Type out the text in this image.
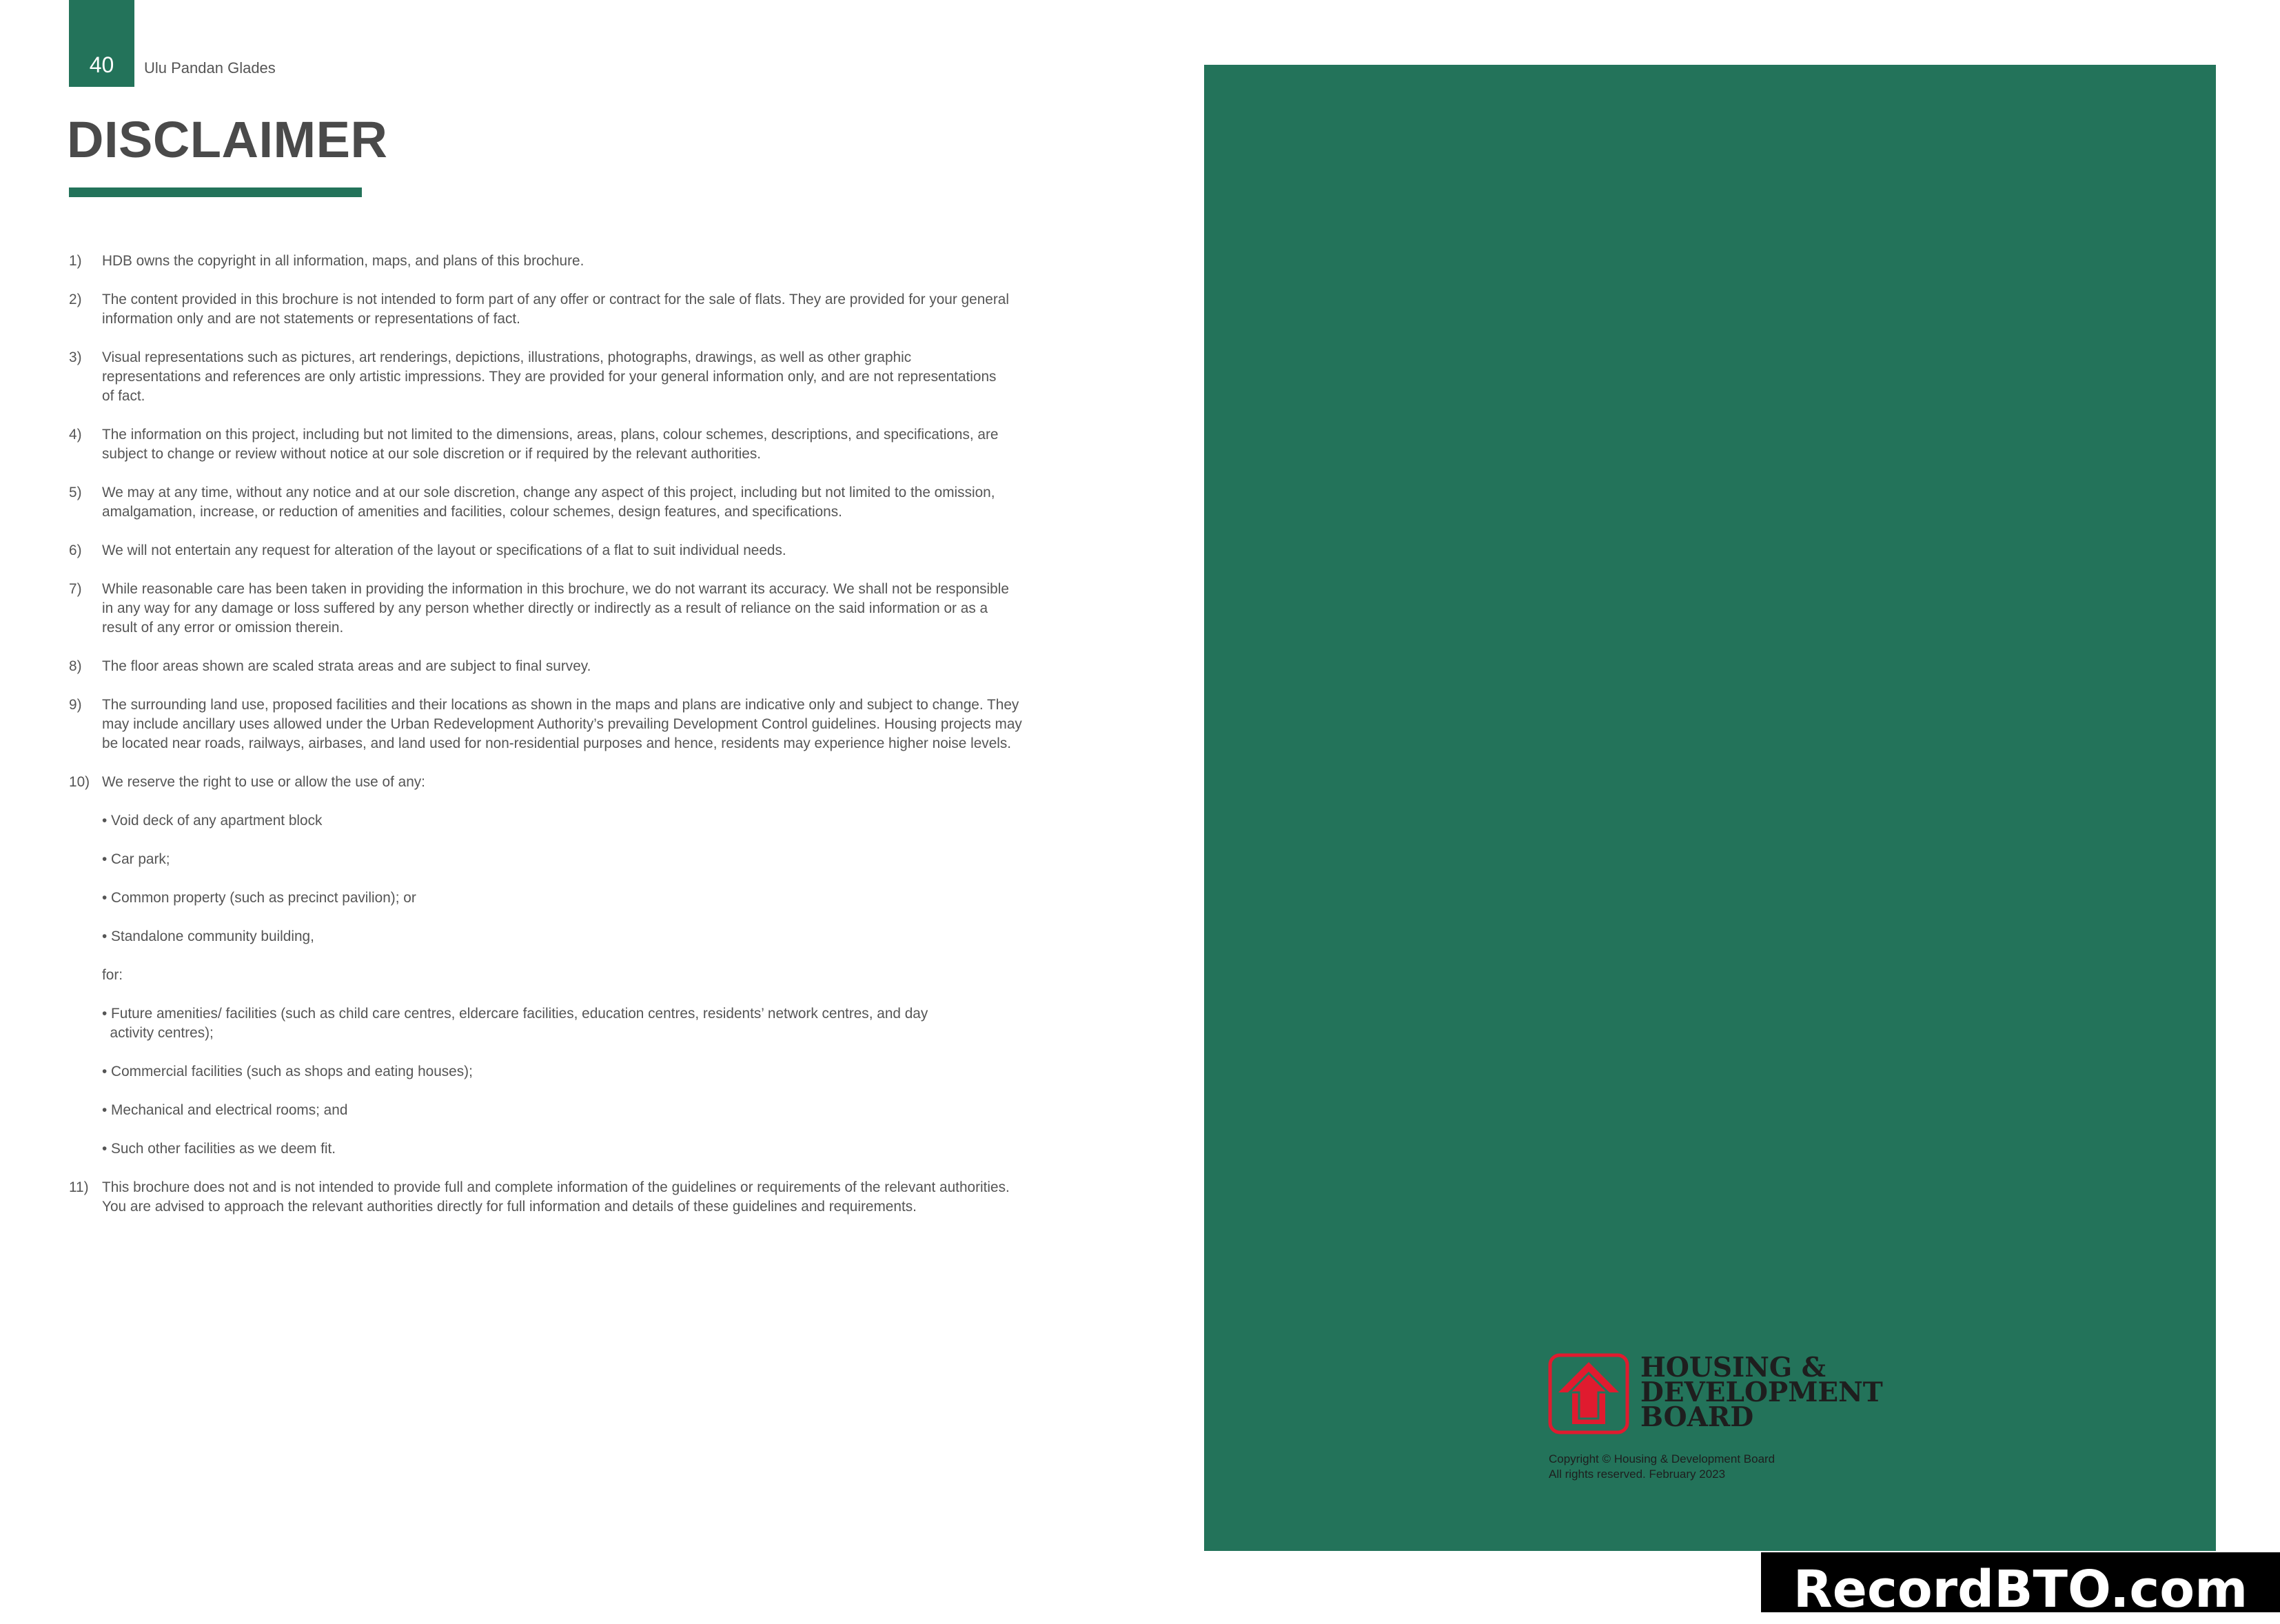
40	Ulu Pandan Glades
DISCLAIMER
1) HDB owns the copyright in all information, maps, and plans of this brochure.
2) The content provided in this brochure is not intended to form part of any offer or contract for the sale of flats. They are provided for your general
information only and are not statements or representations of fact.
3) Visual representations such as pictures, art renderings, depictions, illustrations, photographs, drawings, as well as other graphic
representations and references are only artistic impressions. They are provided for your general information only, and are not representations
of fact.
4) The information on this project, including but not limited to the dimensions, areas, plans, colour schemes, descriptions, and specifications, are
subject to change or review without notice at our sole discretion or if required by the relevant authorities.
5) We may at any time, without any notice and at our sole discretion, change any aspect of this project, including but not limited to the omission,
amalgamation, increase, or reduction of amenities and facilities, colour schemes, design features, and specifications.
6) We will not entertain any request for alteration of the layout or specifications of a flat to suit individual needs.
7) While reasonable care has been taken in providing the information in this brochure, we do not warrant its accuracy. We shall not be responsible
in any way for any damage or loss suffered by any person whether directly or indirectly as a result of reliance on the said information or as a
result of any error or omission therein.
8) The floor areas shown are scaled strata areas and are subject to final survey.
9) The surrounding land use, proposed facilities and their locations as shown in the maps and plans are indicative only and subject to change. They
may include ancillary uses allowed under the Urban Redevelopment Authority’s prevailing Development Control guidelines. Housing projects may
be located near roads, railways, airbases, and land used for non-residential purposes and hence, residents may experience higher noise levels.
10) We reserve the right to use or allow the use of any:
• Void deck of any apartment block
• Car park;
• Common property (such as precinct pavilion); or
• Standalone community building,
for:
• Future amenities/ facilities (such as child care centres, eldercare facilities, education centres, residents’ network centres, and day
activity centres);
• Commercial facilities (such as shops and eating houses);
• Mechanical and electrical rooms; and
• Such other facilities as we deem fit.
11) This brochure does not and is not intended to provide full and complete information of the guidelines or requirements of the relevant authorities.
You are advised to approach the relevant authorities directly for full information and details of these guidelines and requirements.
HOUSING &
DEVELOPMENT
BOARD
Copyright © Housing & Development Board
All rights reserved. February 2023
RecordBTO.com
